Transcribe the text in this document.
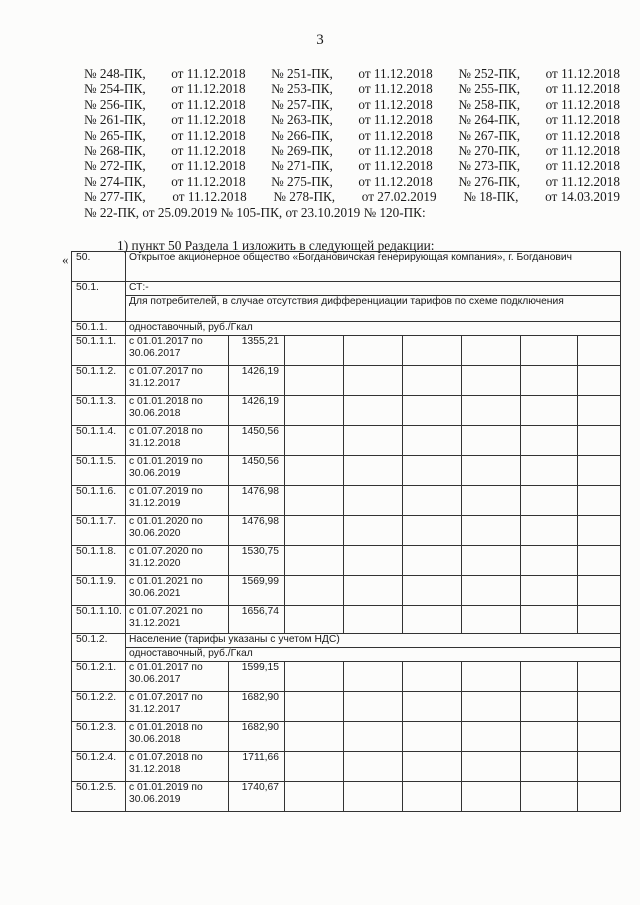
3
№ 248-ПК, от 11.12.2018 № 251-ПК, от 11.12.2018 № 252-ПК, от 11.12.2018
№ 254-ПК, от 11.12.2018 № 253-ПК, от 11.12.2018 № 255-ПК, от 11.12.2018
№ 256-ПК, от 11.12.2018 № 257-ПК, от 11.12.2018 № 258-ПК, от 11.12.2018
№ 261-ПК, от 11.12.2018 № 263-ПК, от 11.12.2018 № 264-ПК, от 11.12.2018
№ 265-ПК, от 11.12.2018 № 266-ПК, от 11.12.2018 № 267-ПК, от 11.12.2018
№ 268-ПК, от 11.12.2018 № 269-ПК, от 11.12.2018 № 270-ПК, от 11.12.2018
№ 272-ПК, от 11.12.2018 № 271-ПК, от 11.12.2018 № 273-ПК, от 11.12.2018
№ 274-ПК, от 11.12.2018 № 275-ПК, от 11.12.2018 № 276-ПК, от 11.12.2018
№ 277-ПК, от 11.12.2018 № 278-ПК, от 27.02.2019 № 18-ПК, от 14.03.2019
№ 22-ПК, от 25.09.2019 № 105-ПК, от 23.10.2019 № 120-ПК:
1) пункт 50 Раздела 1 изложить в следующей редакции:
« 50.	Открытое акционерное общество «Богдановичская генерирующая компания», г. Богданович							
50.1.	СТ:-							
	Для потребителей, в случае отсутствия дифференциации тарифов по схеме подключения							
50.1.1.	одноставочный, руб./Гкал							
50.1.1.1.	с 01.01.2017 по 30.06.2017	1355,21						
50.1.1.2.	с 01.07.2017 по 31.12.2017	1426,19						
50.1.1.3.	с 01.01.2018 по 30.06.2018	1426,19						
50.1.1.4.	с 01.07.2018 по 31.12.2018	1450,56						
50.1.1.5.	с 01.01.2019 по 30.06.2019	1450,56						
50.1.1.6.	с 01.07.2019 по 31.12.2019	1476,98						
50.1.1.7.	с 01.01.2020 по 30.06.2020	1476,98						
50.1.1.8.	с 01.07.2020 по 31.12.2020	1530,75						
50.1.1.9.	с 01.01.2021 по 30.06.2021	1569,99						
50.1.1.10.	с 01.07.2021 по 31.12.2021	1656,74						
50.1.2.	Население (тарифы указаны с учетом НДС)							
	одноставочный, руб./Гкал							
50.1.2.1.	с 01.01.2017 по 30.06.2017	1599,15						
50.1.2.2.	с 01.07.2017 по 31.12.2017	1682,90						
50.1.2.3.	с 01.01.2018 по 30.06.2018	1682,90						
50.1.2.4.	с 01.07.2018 по 31.12.2018	1711,66						
50.1.2.5.	с 01.01.2019 по 30.06.2019	1740,67						
